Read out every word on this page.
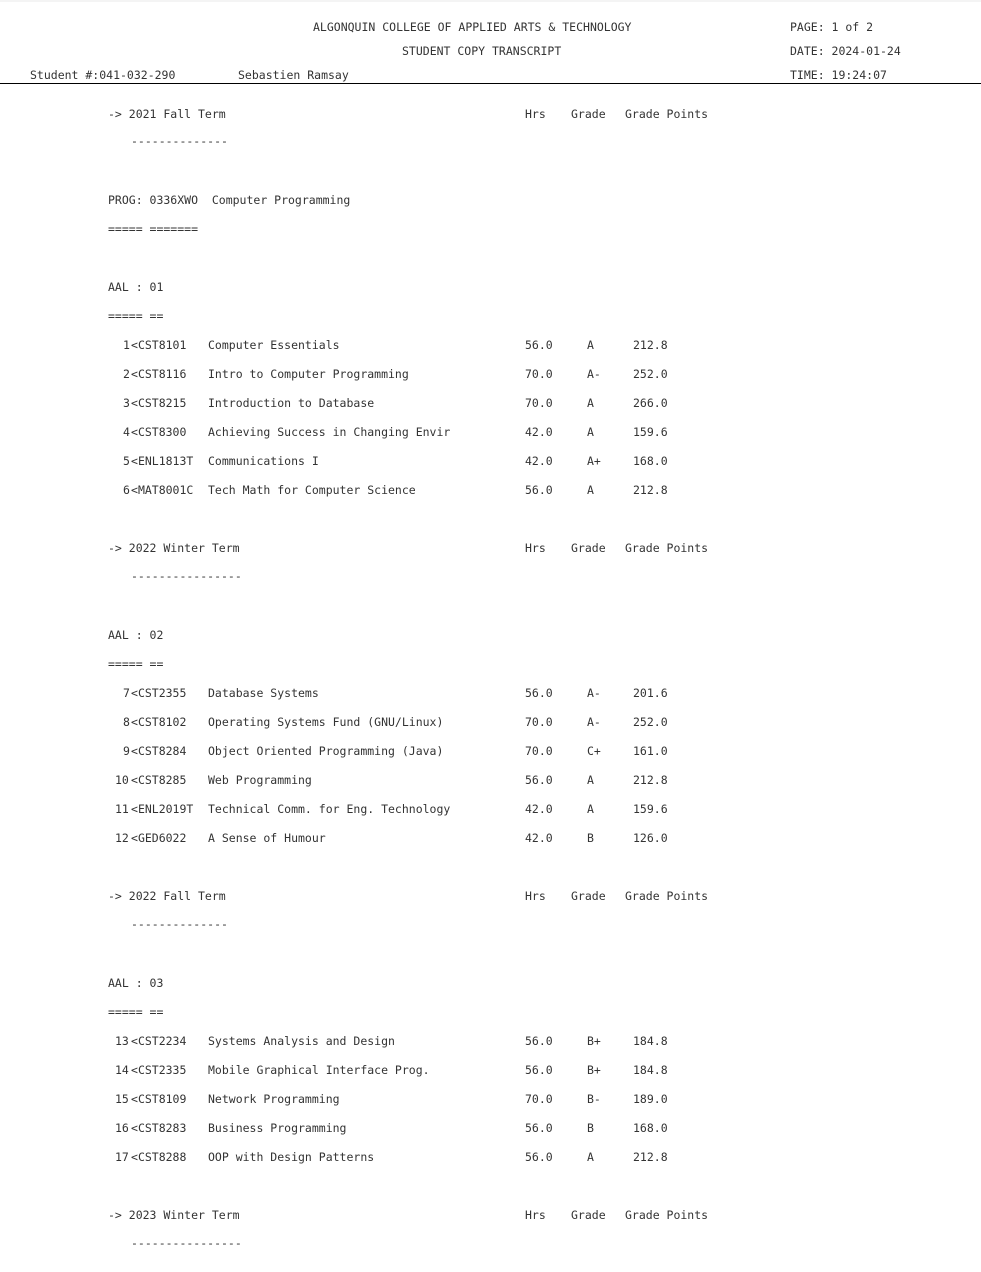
ALGONQUIN COLLEGE OF APPLIED ARTS & TECHNOLOGY
STUDENT COPY TRANSCRIPT
Student #:041-032-290	Sebastien Ramsay
PAGE: 1 of 2
DATE: 2024-01-24
TIME: 19:24:07
-> 2021 Fall Term	Hrs Grade Grade Points
--------------
PROG: 0336XWO  Computer Programming
===== =======
AAL : 01
===== ==
1 <CST8101 Computer Essentials	56.0	A	212.8
2 <CST8116 Intro to Computer Programming	70.0	A-	252.0
3 <CST8215 Introduction to Database	70.0	A	266.0
4 <CST8300 Achieving Success in Changing Envir	42.0	A	159.6
5 <ENL1813T Communications I	42.0	A+	168.0
6 <MAT8001C Tech Math for Computer Science	56.0	A	212.8
-> 2022 Winter Term	Hrs Grade Grade Points
----------------
AAL : 02
===== ==
7 <CST2355 Database Systems	56.0	A-	201.6
8 <CST8102 Operating Systems Fund (GNU/Linux)	70.0	A-	252.0
9 <CST8284 Object Oriented Programming (Java)	70.0	C+	161.0
10 <CST8285 Web Programming	56.0	A	212.8
11 <ENL2019T Technical Comm. for Eng. Technology	42.0	A	159.6
12 <GED6022 A Sense of Humour	42.0	B	126.0
-> 2022 Fall Term	Hrs Grade Grade Points
--------------
AAL : 03
===== ==
13 <CST2234 Systems Analysis and Design	56.0	B+	184.8
14 <CST2335 Mobile Graphical Interface Prog.	56.0	B+	184.8
15 <CST8109 Network Programming	70.0	B-	189.0
16 <CST8283 Business Programming	56.0	B	168.0
17 <CST8288 OOP with Design Patterns	56.0	A	212.8
-> 2023 Winter Term	Hrs Grade Grade Points
----------------
